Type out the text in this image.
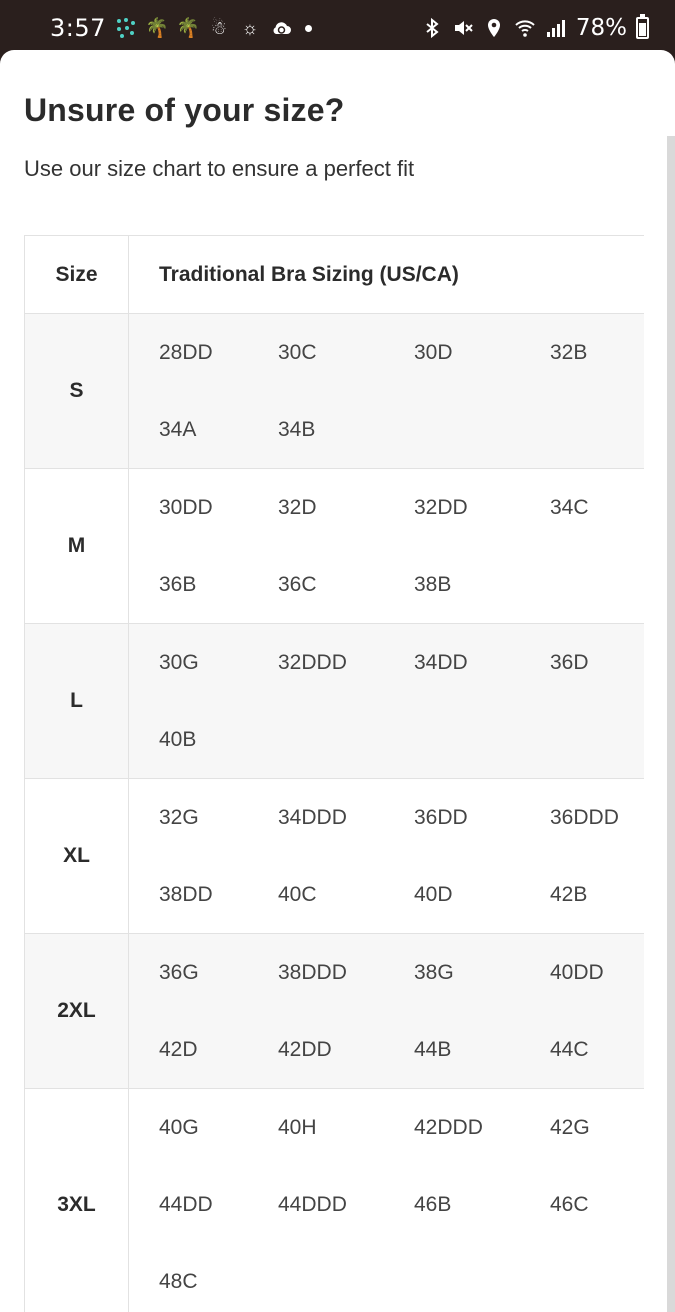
3:57 🌴 🌴 ☃ ☼	78%
Unsure of your size?

Use our size chart to ensure a perfect fit

Size	Traditional Bra Sizing (US/CA)
S
28DD	30C	30D	32B
34A	34B
M
30DD	32D	32DD	34C
36B	36C	38B
L
30G	32DDD	34DD	36D
40B
XL
32G	34DDD	36DD	36DDD
38DD	40C	40D	42B
2XL
36G	38DDD	38G	40DD
42D	42DD	44B	44C
3XL
40G	40H	42DDD	42G
44DD	44DDD	46B	46C
48C
